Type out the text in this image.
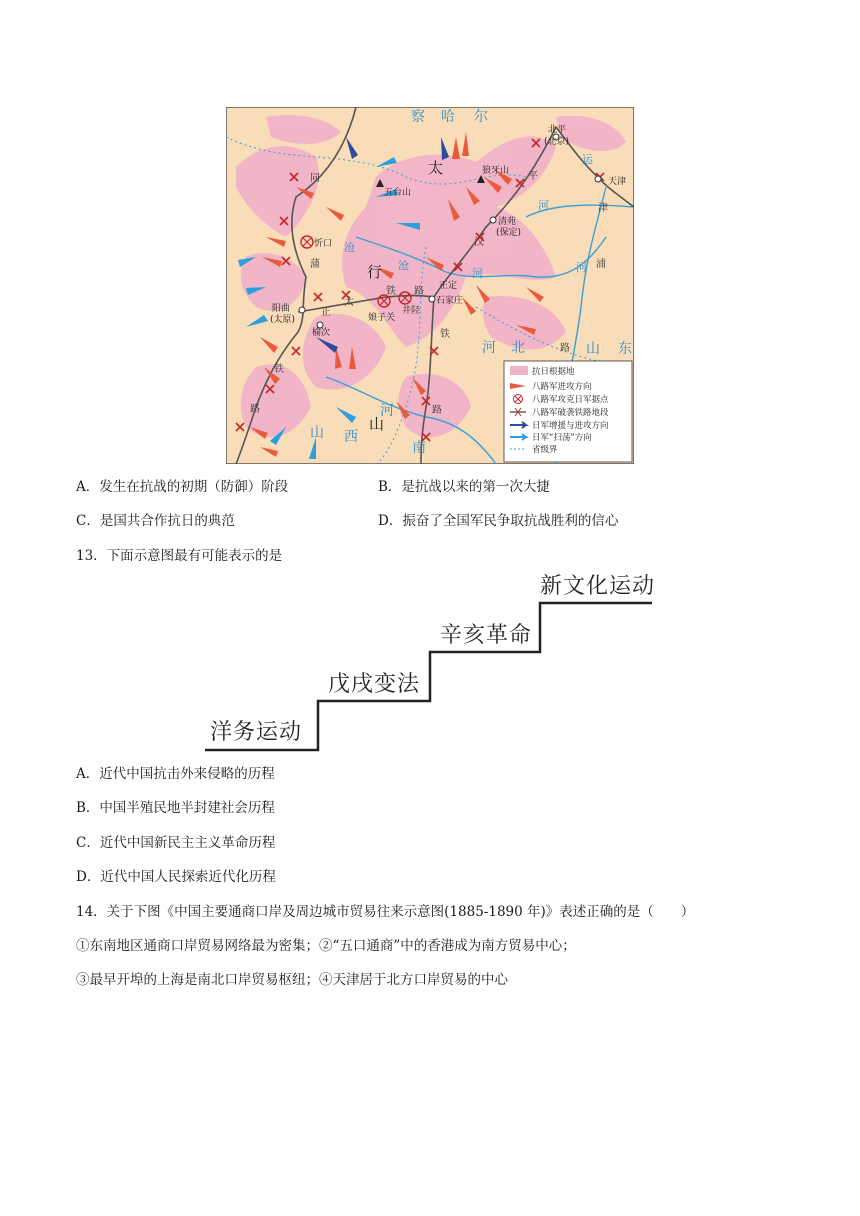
察 哈 尔
河 北
山 西
河
南
山 东
太
行
山
北平
(北京)
天津
五台山
狼牙山
清苑
(保定)
忻口
正定
石家庄
阳曲
(太原)
榆次
娘子关
井陉
同
蒲
铁
路
平
汉
铁
路
正
太
铁 路
津
浦
路
沧
沧
河
运
河
河
抗日根据地
八路军进攻方向
八路军攻克日军据点
八路军破袭铁路地段
日军增援与进攻方向
日军“扫荡”方向
省级界
A．发生在抗战的初期（防御）阶段	B．是抗战以来的第一次大捷
C．是国共合作抗日的典范	D．振奋了全国军民争取抗战胜利的信心
13．下面示意图最有可能表示的是
洋务运动
戊戌变法
辛亥革命
新文化运动
A．近代中国抗击外来侵略的历程
B．中国半殖民地半封建社会历程
C．近代中国新民主主义革命历程
D．近代中国人民探索近代化历程
14．关于下图《中国主要通商口岸及周边城市贸易往来示意图(1885-1890 年)》表述正确的是（　　）
①东南地区通商口岸贸易网络最为密集；②“五口通商”中的香港成为南方贸易中心；
③最早开埠的上海是南北口岸贸易枢纽；④天津居于北方口岸贸易的中心
